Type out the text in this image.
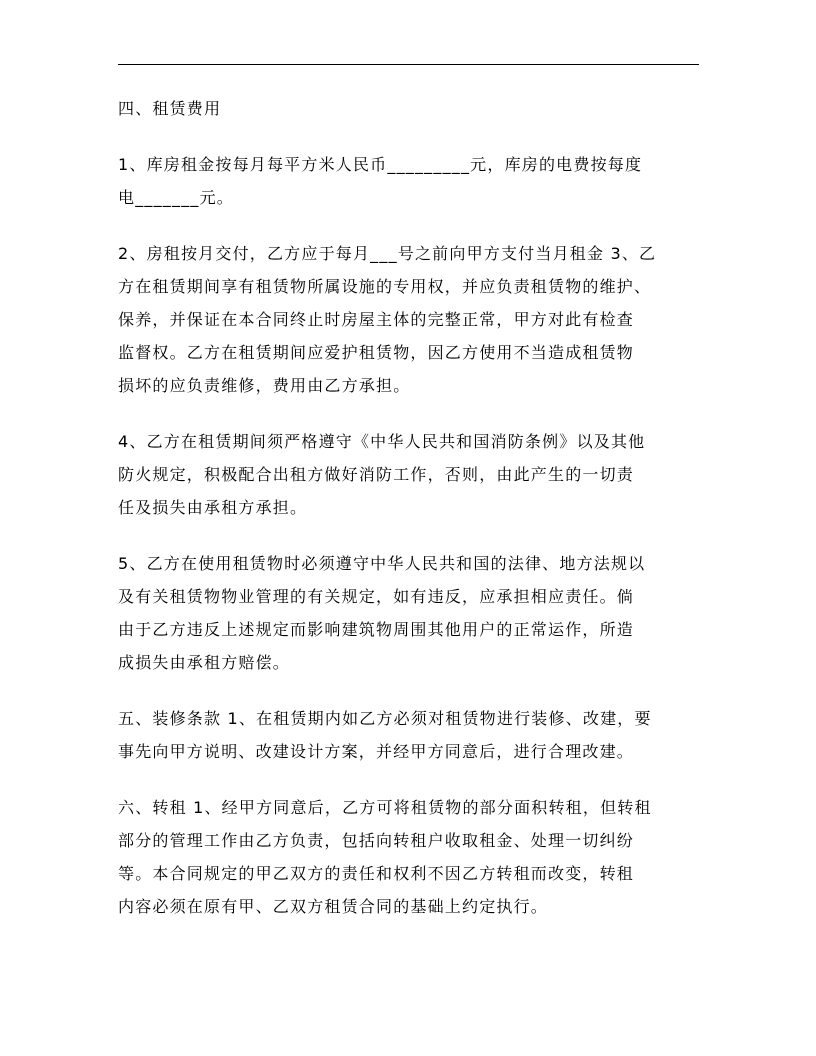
四、租赁费用

1、库房租金按每月每平方米人民币_________元，库房的电费按每度
电_______元。

2、房租按月交付，乙方应于每月___号之前向甲方支付当月租金 3、乙
方在租赁期间享有租赁物所属设施的专用权，并应负责租赁物的维护、
保养，并保证在本合同终止时房屋主体的完整正常，甲方对此有检查
监督权。乙方在租赁期间应爱护租赁物，因乙方使用不当造成租赁物
损坏的应负责维修，费用由乙方承担。

4、乙方在租赁期间须严格遵守《中华人民共和国消防条例》以及其他
防火规定，积极配合出租方做好消防工作，否则，由此产生的一切责
任及损失由承租方承担。

5、乙方在使用租赁物时必须遵守中华人民共和国的法律、地方法规以
及有关租赁物物业管理的有关规定，如有违反，应承担相应责任。倘
由于乙方违反上述规定而影响建筑物周围其他用户的正常运作，所造
成损失由承租方赔偿。

五、装修条款 1、在租赁期内如乙方必须对租赁物进行装修、改建，要
事先向甲方说明、改建设计方案，并经甲方同意后，进行合理改建。

六、转租 1、经甲方同意后，乙方可将租赁物的部分面积转租，但转租
部分的管理工作由乙方负责，包括向转租户收取租金、处理一切纠纷
等。本合同规定的甲乙双方的责任和权利不因乙方转租而改变，转租
内容必须在原有甲、乙双方租赁合同的基础上约定执行。
